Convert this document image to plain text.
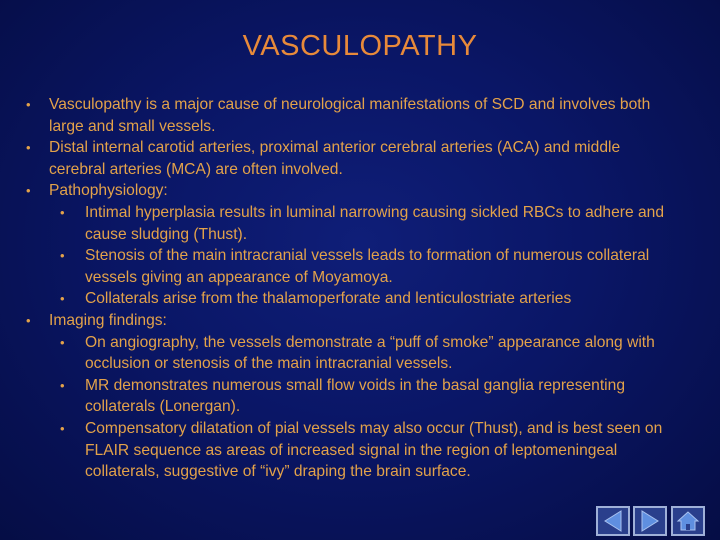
VASCULOPATHY
• Vasculopathy is a major cause of neurological manifestations of SCD and involves both large and small vessels.
• Distal internal carotid arteries, proximal anterior cerebral arteries (ACA) and middle cerebral arteries (MCA) are often involved.
• Pathophysiology:
• Intimal hyperplasia results in luminal narrowing causing sickled RBCs to adhere and cause sludging (Thust).
• Stenosis of the main intracranial vessels leads to formation of numerous collateral vessels giving an appearance of Moyamoya.
• Collaterals arise from the thalamoperforate and lenticulostriate arteries
• Imaging findings:
• On angiography, the vessels demonstrate a “puff of smoke” appearance along with occlusion or stenosis of the main intracranial vessels.
• MR demonstrates numerous small flow voids in the basal ganglia representing collaterals (Lonergan).
• Compensatory dilatation of pial vessels may also occur (Thust), and is best seen on FLAIR sequence as areas of increased signal in the region of leptomeningeal collaterals, suggestive of “ivy” draping the brain surface.
